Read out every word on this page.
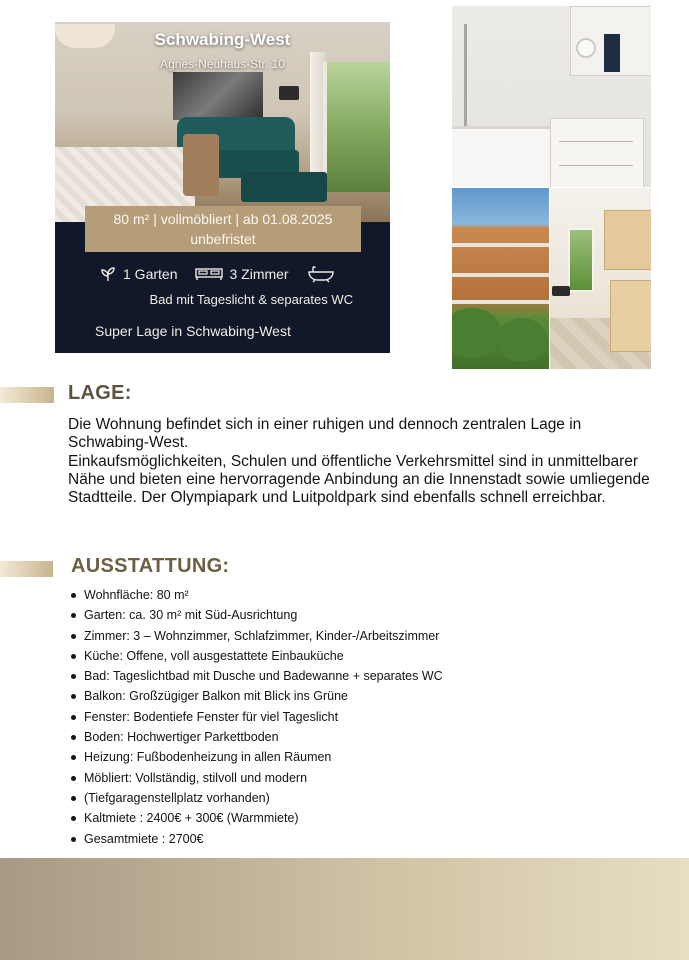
Schwabing-West
Agnes-Neuhaus-Str. 10
80 m² | vollmöbliert | ab 01.08.2025
unbefristet
1 Garten	3 Zimmer
Bad mit Tageslicht & separates WC
Super Lage in Schwabing-West
LAGE:

Die Wohnung befindet sich in einer ruhigen und dennoch zentralen Lage in Schwabing-West.

Einkaufsmöglichkeiten, Schulen und öffentliche Verkehrsmittel sind in unmittelbarer Nähe und bieten eine hervorragende Anbindung an die Innenstadt sowie umliegende Stadtteile. Der Olympiapark und Luitpoldpark sind ebenfalls schnell erreichbar.

AUSSTATTUNG:
Wohnfläche: 80 m²
Garten: ca. 30 m² mit Süd-Ausrichtung
Zimmer: 3 – Wohnzimmer, Schlafzimmer, Kinder-/Arbeitszimmer
Küche: Offene, voll ausgestattete Einbauküche
Bad: Tageslichtbad mit Dusche und Badewanne + separates WC
Balkon: Großzügiger Balkon mit Blick ins Grüne
Fenster: Bodentiefe Fenster für viel Tageslicht
Boden: Hochwertiger Parkettboden
Heizung: Fußbodenheizung in allen Räumen
Möbliert: Vollständig, stilvoll und modern
(Tiefgaragenstellplatz vorhanden)
Kaltmiete : 2400€ + 300€ (Warmmiete)
Gesamtmiete : 2700€
